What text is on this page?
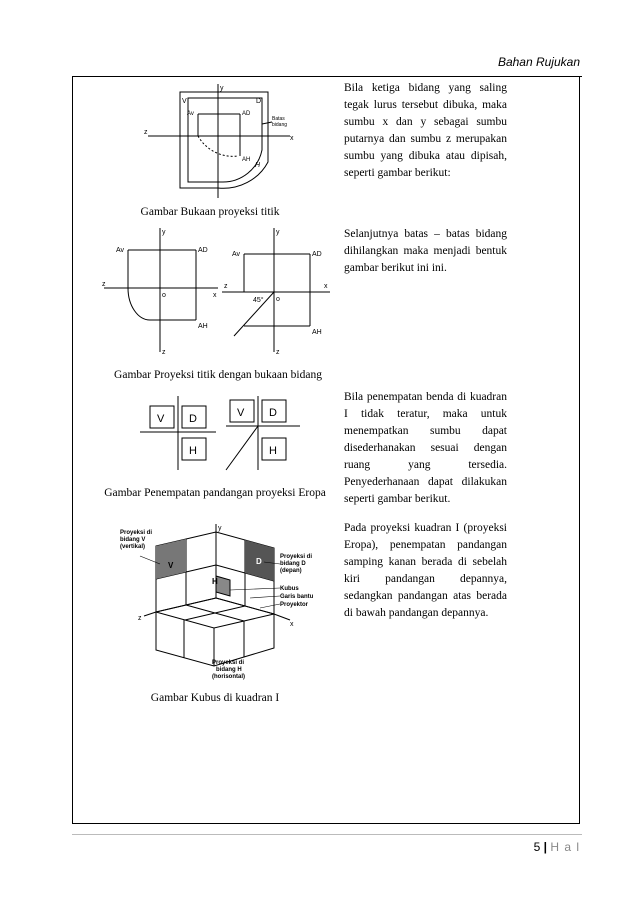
Bahan Rujukan
V	D
H
Av	AD
AH
x
z
y
Batas
bidang
Gambar Bukaan proyeksi titik
Av	AD
AH
o	x
z
y
z
Av	AD
AH
o
x
z
y
z
45°
Gambar Proyeksi titik dengan bukaan bidang
V D
H
V D
H
Gambar Penempatan pandangan proyeksi Eropa
Proyeksi di
bidang V
(vertikal)
Proyeksi di
bidang D
(depan)
Kubus
Garis bantu
Proyektor
Proyeksi di
bidang H
(horisontal)
V
H
D
x
y
z
Gambar Kubus di kuadran I
Bila ketiga bidang yang saling tegak lurus tersebut dibuka, maka sumbu x dan y sebagai sumbu putarnya dan sumbu z merupakan sumbu yang dibuka atau dipisah, seperti gambar berikut:
Selanjutnya batas – batas bidang dihilangkan maka menjadi bentuk gambar berikut ini ini.
Bila penempatan benda di kuadran I tidak teratur, maka untuk menempatkan sumbu dapat disederhanakan sesuai dengan ruang yang tersedia. Penyederhanaan dapat dilakukan seperti gambar berikut.
Pada proyeksi kuadran I (proyeksi Eropa), penempatan pandangan samping kanan berada di sebelah kiri pandangan depannya, sedangkan pandangan atas berada di bawah pandangan depannya.
5 | H a l
